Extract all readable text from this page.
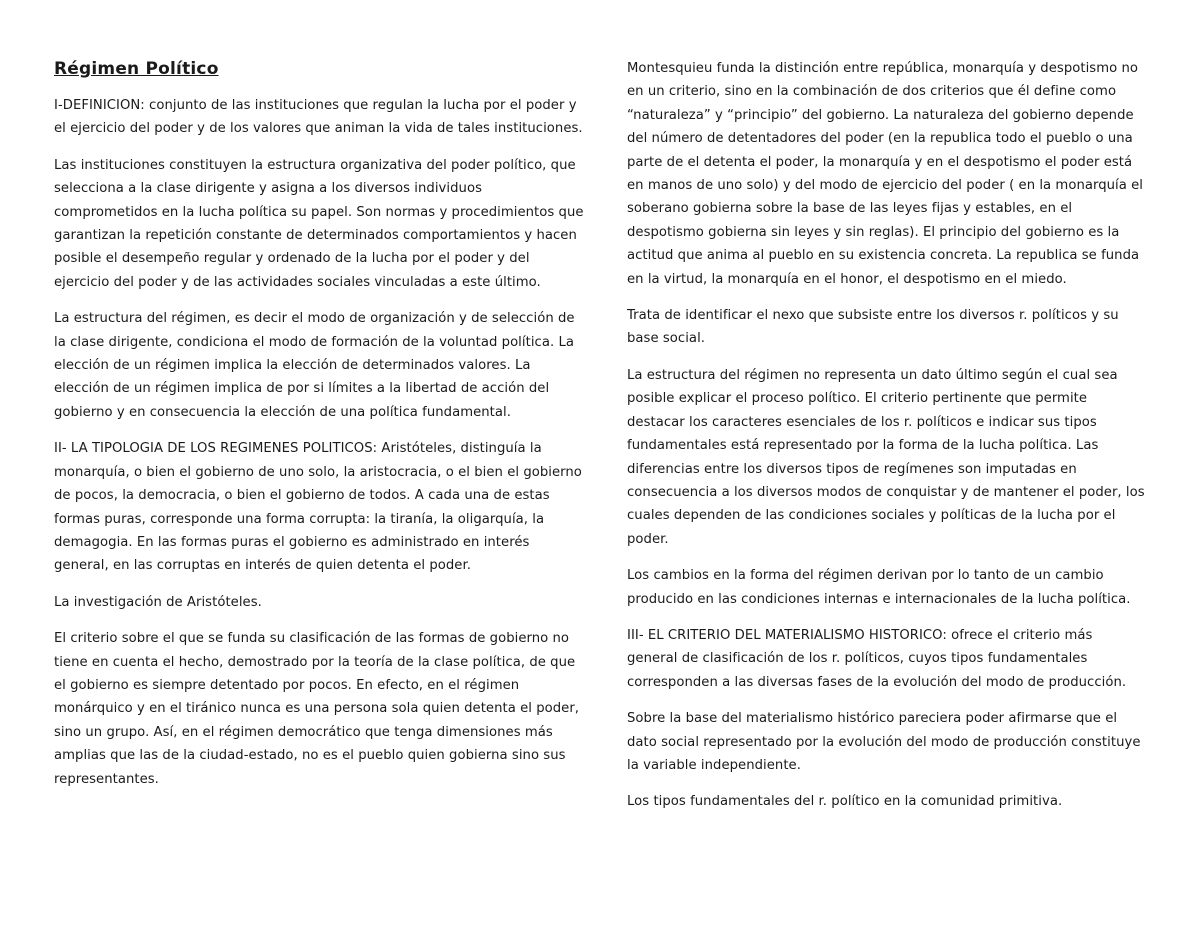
Régimen Político

I-DEFINICION: conjunto de las instituciones que regulan la lucha por el poder y el ejercicio del poder y de los valores que animan la vida de tales instituciones.

Las instituciones constituyen la estructura organizativa del poder político, que selecciona a la clase dirigente y asigna a los diversos individuos comprometidos en la lucha política su papel. Son normas y procedimientos que garantizan la repetición constante de determinados comportamientos y hacen posible el desempeño regular y ordenado de la lucha por el poder y del ejercicio del poder y de las actividades sociales vinculadas a este último.

La estructura del régimen, es decir el modo de organización y de selección de la clase dirigente, condiciona el modo de formación de la voluntad política. La elección de un régimen implica la elección de determinados valores. La elección de un régimen implica de por si límites a la libertad de acción del gobierno y en consecuencia la elección de una política fundamental.

II- LA TIPOLOGIA DE LOS REGIMENES POLITICOS: Aristóteles, distinguía la monarquía, o bien el gobierno de uno solo, la aristocracia, o el bien el gobierno de pocos, la democracia, o bien el gobierno de todos. A cada una de estas formas puras, corresponde una forma corrupta: la tiranía, la oligarquía, la demagogia. En las formas puras el gobierno es administrado en interés general, en las corruptas en interés de quien detenta el poder.

La investigación de Aristóteles.

El criterio sobre el que se funda su clasificación de las formas de gobierno no tiene en cuenta el hecho, demostrado por la teoría de la clase política, de que el gobierno es siempre detentado por pocos. En efecto, en el régimen monárquico y en el tiránico nunca es una persona sola quien detenta el poder, sino un grupo. Así, en el régimen democrático que tenga dimensiones más amplias que las de la ciudad-estado, no es el pueblo quien gobierna sino sus representantes.

Montesquieu funda la distinción entre república, monarquía y despotismo no en un criterio, sino en la combinación de dos criterios que él define como “naturaleza” y “principio” del gobierno. La naturaleza del gobierno depende del número de detentadores del poder (en la republica todo el pueblo o una parte de el detenta el poder, la monarquía y en el despotismo el poder está en manos de uno solo) y del modo de ejercicio del poder ( en la monarquía el soberano gobierna sobre la base de las leyes fijas y estables, en el despotismo gobierna sin leyes y sin reglas). El principio del gobierno es la actitud que anima al pueblo en su existencia concreta. La republica se funda en la virtud, la monarquía en el honor, el despotismo en el miedo.

Trata de identificar el nexo que subsiste entre los diversos r. políticos y su base social.

La estructura del régimen no representa un dato último según el cual sea posible explicar el proceso político. El criterio pertinente que permite destacar los caracteres esenciales de los r. políticos e indicar sus tipos fundamentales está representado por la forma de la lucha política. Las diferencias entre los diversos tipos de regímenes son imputadas en consecuencia a los diversos modos de conquistar y de mantener el poder, los cuales dependen de las condiciones sociales y políticas de la lucha por el poder.

Los cambios en la forma del régimen derivan por lo tanto de un cambio producido en las condiciones internas e internacionales de la lucha política.

III- EL CRITERIO DEL MATERIALISMO HISTORICO: ofrece el criterio más general de clasificación de los r. políticos, cuyos tipos fundamentales corresponden a las diversas fases de la evolución del modo de producción.

Sobre la base del materialismo histórico pareciera poder afirmarse que el dato social representado por la evolución del modo de producción constituye la variable independiente.

Los tipos fundamentales del r. político en la comunidad primitiva.
